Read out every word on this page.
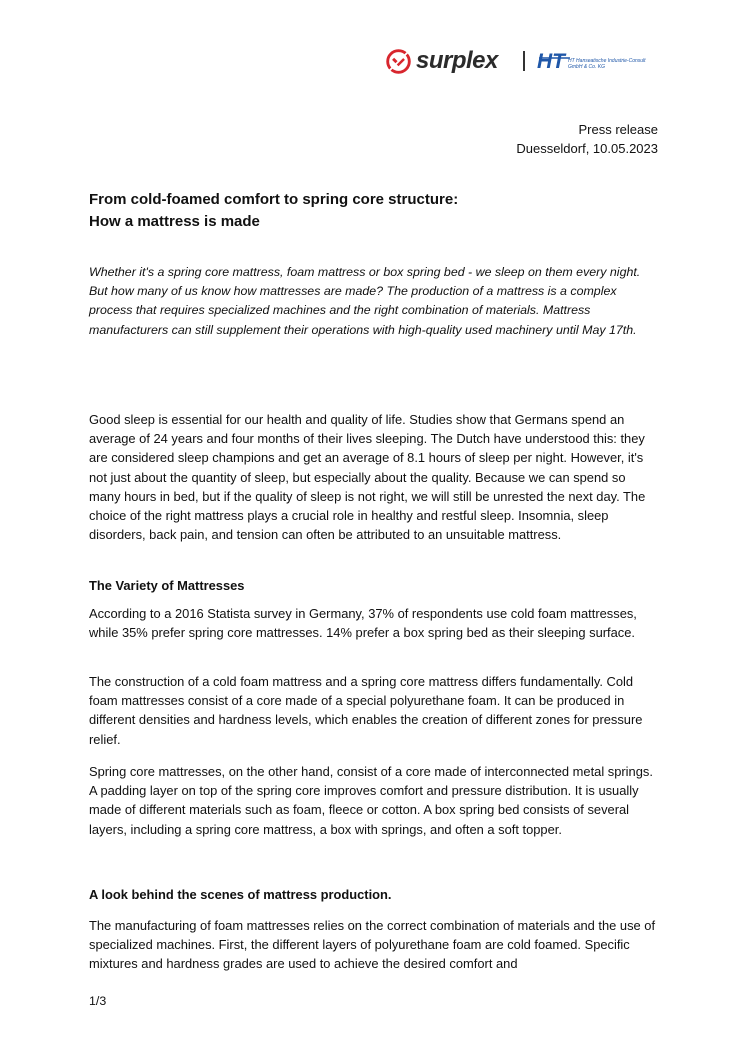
surplex HT HT Hanseatische Industrie-Consult
GmbH & Co. KG
Press release
Duesseldorf, 10.05.2023
From cold-foamed comfort to spring core structure:
How a mattress is made
Whether it's a spring core mattress, foam mattress or box spring bed - we sleep on them every night. But how many of us know how mattresses are made? The production of a mattress is a complex process that requires specialized machines and the right combination of materials. Mattress manufacturers can still supplement their operations with high-quality used machinery until May 17th.
Good sleep is essential for our health and quality of life. Studies show that Germans spend an average of 24 years and four months of their lives sleeping. The Dutch have understood this: they are considered sleep champions and get an average of 8.1 hours of sleep per night. However, it's not just about the quantity of sleep, but especially about the quality. Because we can spend so many hours in bed, but if the quality of sleep is not right, we will still be unrested the next day. The choice of the right mattress plays a crucial role in healthy and restful sleep. Insomnia, sleep disorders, back pain, and tension can often be attributed to an unsuitable mattress.
The Variety of Mattresses
According to a 2016 Statista survey in Germany, 37% of respondents use cold foam mattresses, while 35% prefer spring core mattresses. 14% prefer a box spring bed as their sleeping surface.
The construction of a cold foam mattress and a spring core mattress differs fundamentally. Cold foam mattresses consist of a core made of a special polyurethane foam. It can be produced in different densities and hardness levels, which enables the creation of different zones for pressure relief.
Spring core mattresses, on the other hand, consist of a core made of interconnected metal springs. A padding layer on top of the spring core improves comfort and pressure distribution. It is usually made of different materials such as foam, fleece or cotton. A box spring bed consists of several layers, including a spring core mattress, a box with springs, and often a soft topper.
A look behind the scenes of mattress production.
The manufacturing of foam mattresses relies on the correct combination of materials and the use of specialized machines. First, the different layers of polyurethane foam are cold foamed. Specific mixtures and hardness grades are used to achieve the desired comfort and
1/3
